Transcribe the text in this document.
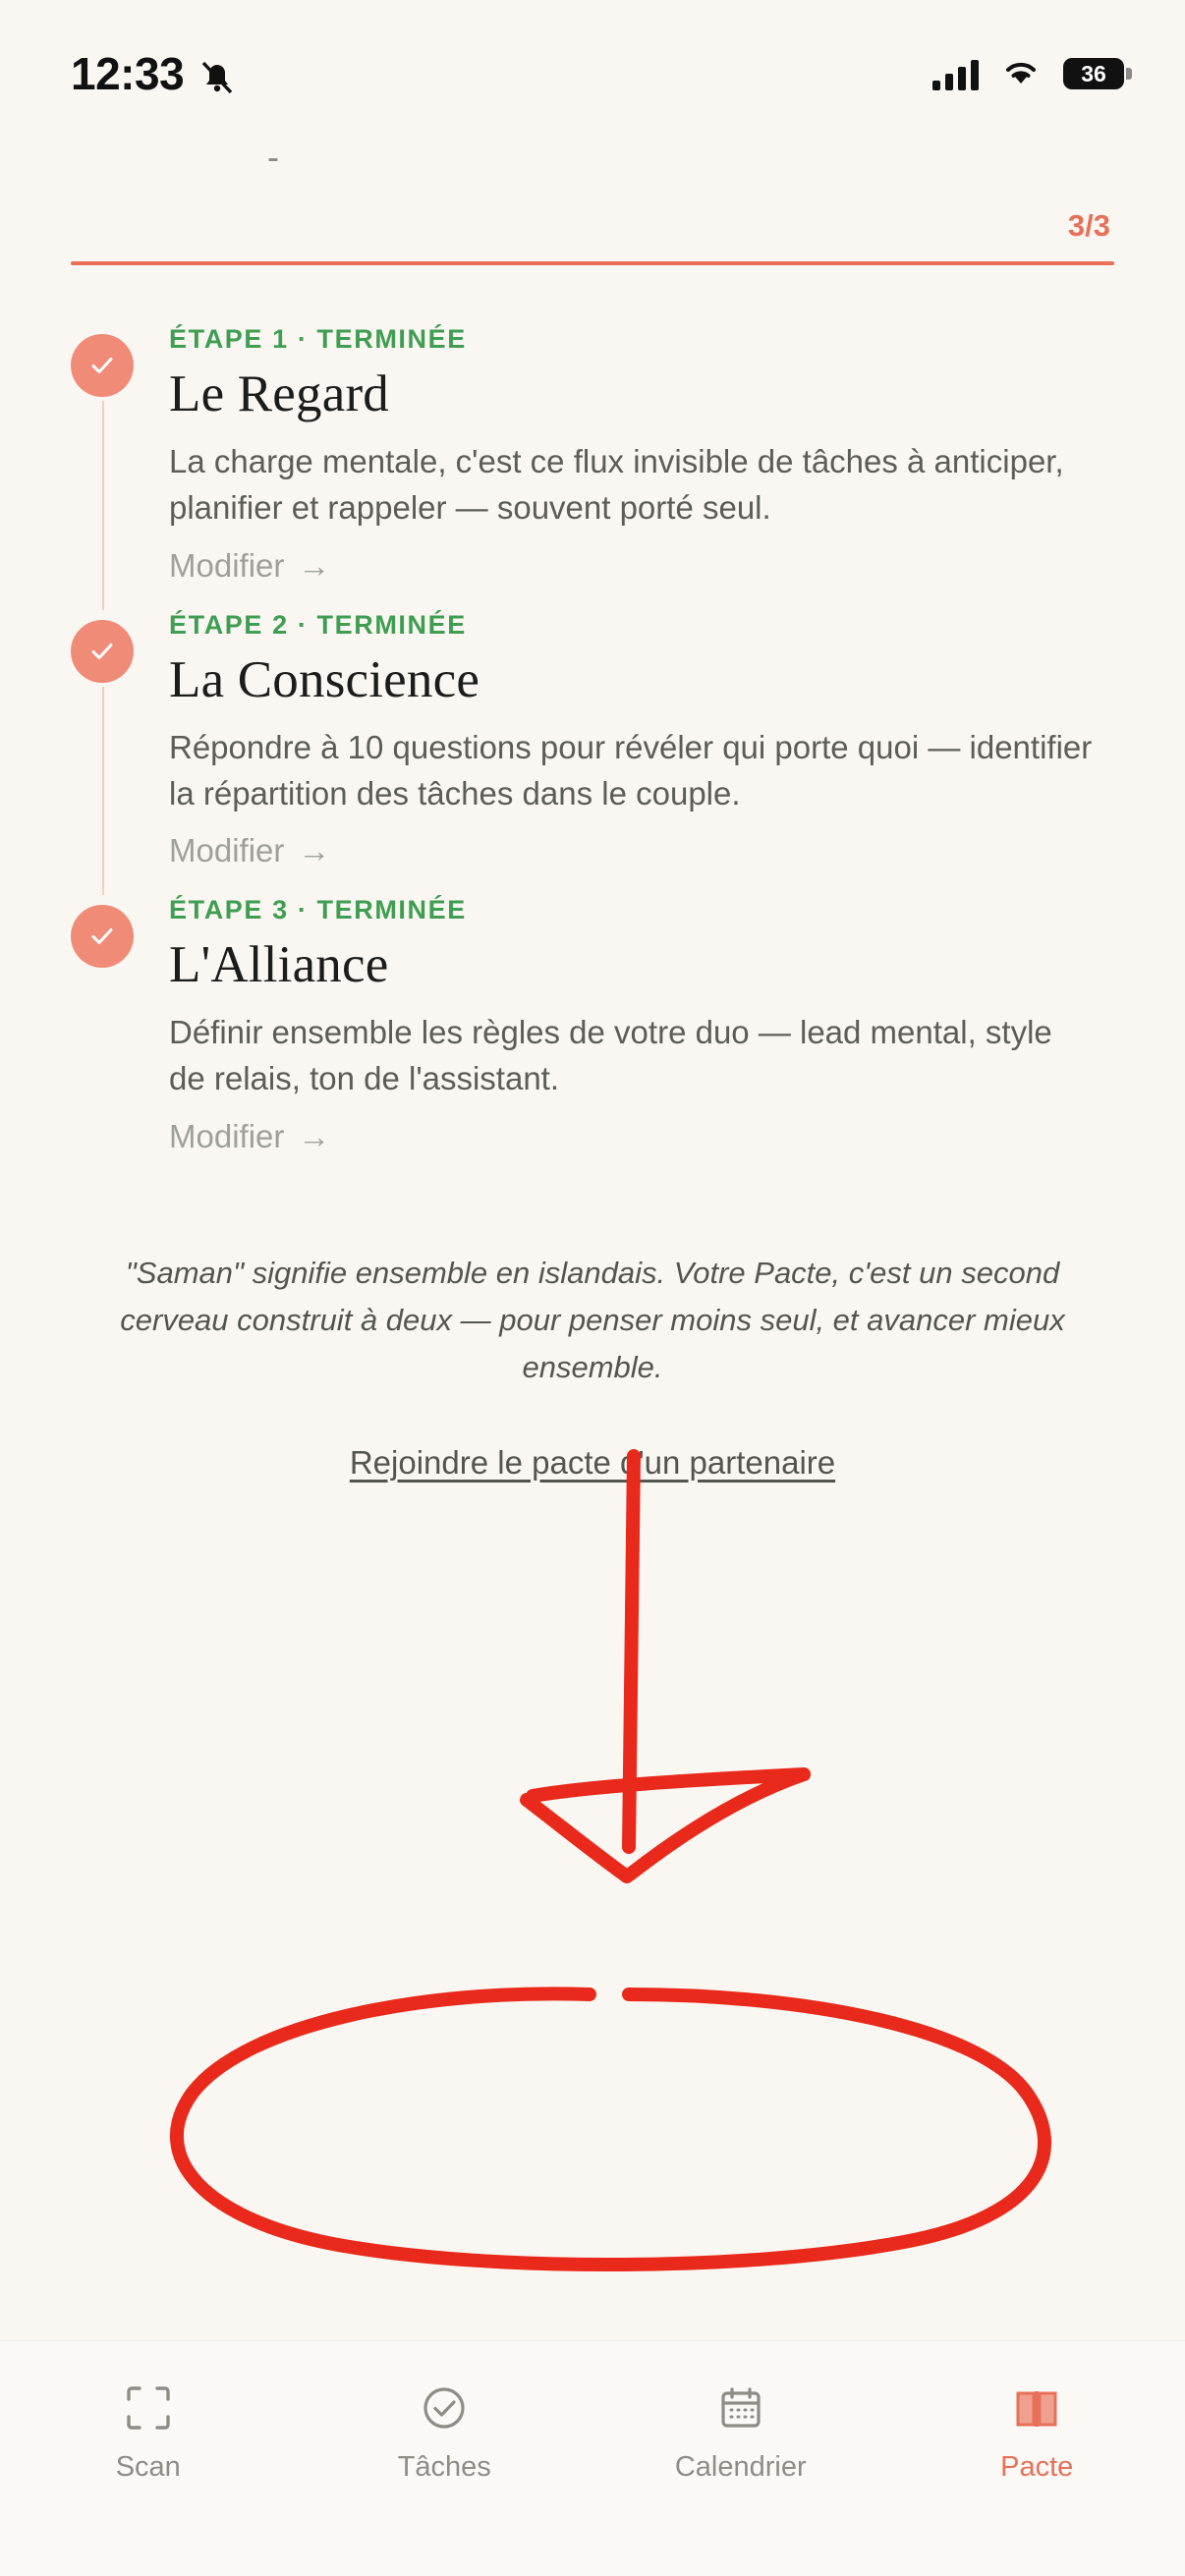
12:33	36
-
3/3
ÉTAPE 1 · TERMINÉE
Le Regard
La charge mentale, c'est ce flux invisible de tâches à anticiper, planifier et rappeler — souvent porté seul.
Modifier →
ÉTAPE 2 · TERMINÉE
La Conscience
Répondre à 10 questions pour révéler qui porte quoi — identifier la répartition des tâches dans le couple.
Modifier →
ÉTAPE 3 · TERMINÉE
L'Alliance
Définir ensemble les règles de votre duo — lead mental, style de relais, ton de l'assistant.
Modifier →
"Saman" signifie ensemble en islandais. Votre Pacte, c'est un second cerveau construit à deux — pour penser moins seul, et avancer mieux ensemble.
Rejoindre le pacte d'un partenaire
Scan	Tâches	Calendrier	Pacte
